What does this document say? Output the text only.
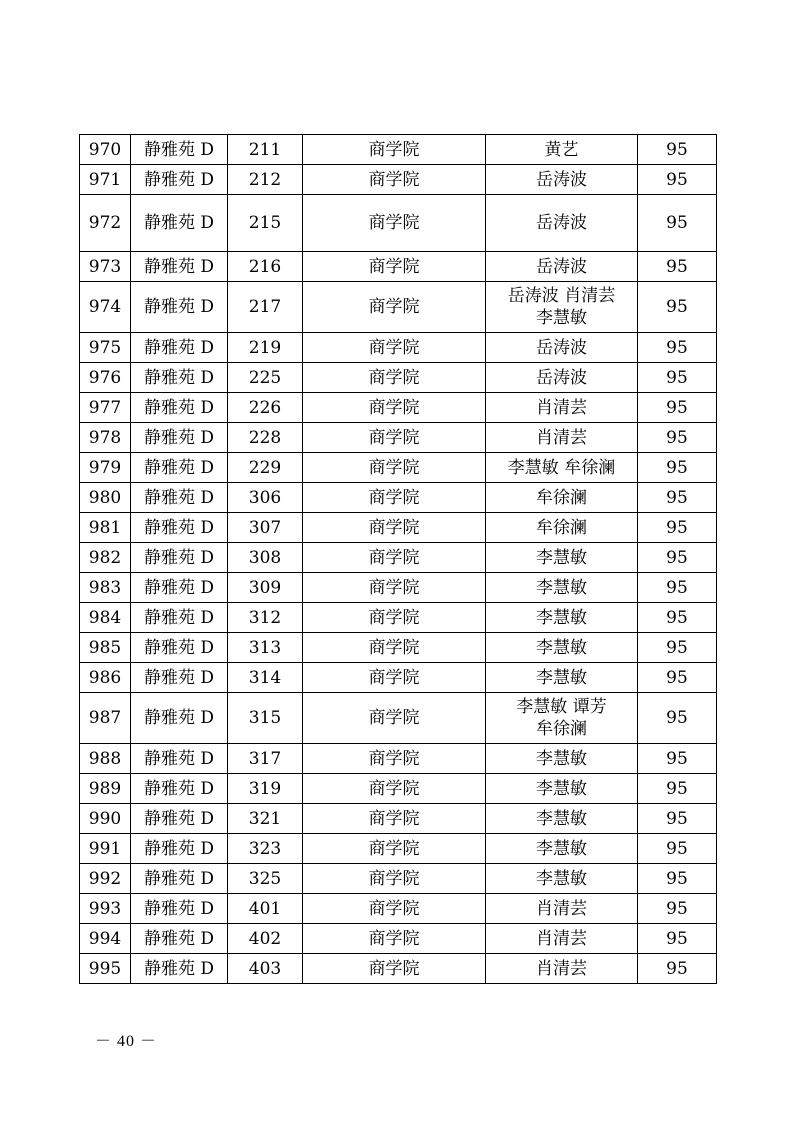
970	静雅苑 D	211	商学院	黄艺	95
971	静雅苑 D	212	商学院	岳涛波	95
972	静雅苑 D	215	商学院	岳涛波	95
973	静雅苑 D	216	商学院	岳涛波	95
974	静雅苑 D	217	商学院	岳涛波 肖清芸
李慧敏	95
975	静雅苑 D	219	商学院	岳涛波	95
976	静雅苑 D	225	商学院	岳涛波	95
977	静雅苑 D	226	商学院	肖清芸	95
978	静雅苑 D	228	商学院	肖清芸	95
979	静雅苑 D	229	商学院	李慧敏 牟徐澜	95
980	静雅苑 D	306	商学院	牟徐澜	95
981	静雅苑 D	307	商学院	牟徐澜	95
982	静雅苑 D	308	商学院	李慧敏	95
983	静雅苑 D	309	商学院	李慧敏	95
984	静雅苑 D	312	商学院	李慧敏	95
985	静雅苑 D	313	商学院	李慧敏	95
986	静雅苑 D	314	商学院	李慧敏	95
987	静雅苑 D	315	商学院	李慧敏 谭芳
牟徐澜	95
988	静雅苑 D	317	商学院	李慧敏	95
989	静雅苑 D	319	商学院	李慧敏	95
990	静雅苑 D	321	商学院	李慧敏	95
991	静雅苑 D	323	商学院	李慧敏	95
992	静雅苑 D	325	商学院	李慧敏	95
993	静雅苑 D	401	商学院	肖清芸	95
994	静雅苑 D	402	商学院	肖清芸	95
995	静雅苑 D	403	商学院	肖清芸	95
－ 40 －
